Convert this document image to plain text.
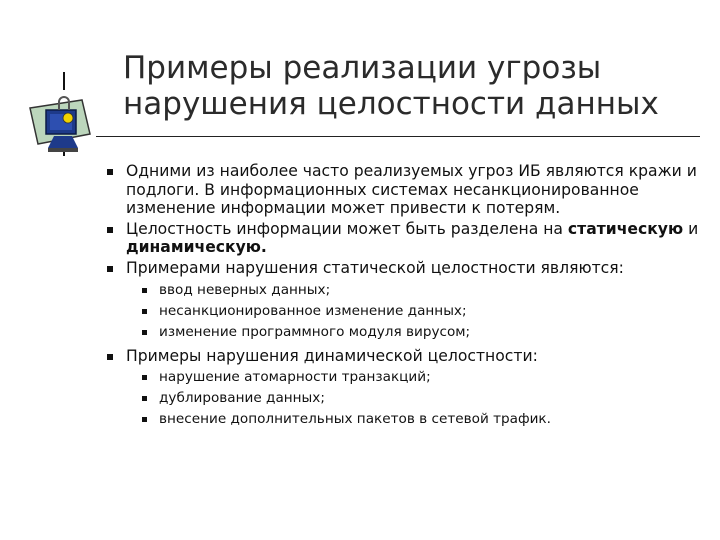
Примеры реализации угрозы
нарушения целостности данных
Одними из наиболее часто реализуемых угроз ИБ являются кражи и подлоги. В информационных системах несанкционированное изменение информации может привести к потерям.
Целостность информации может быть разделена на статическую и динамическую.
Примерами нарушения статической целостности являются:
ввод неверных данных;
несанкционированное изменение данных;
изменение программного модуля вирусом;
Примеры нарушения динамической целостности:
нарушение атомарности транзакций;
дублирование данных;
внесение дополнительных пакетов в сетевой трафик.
